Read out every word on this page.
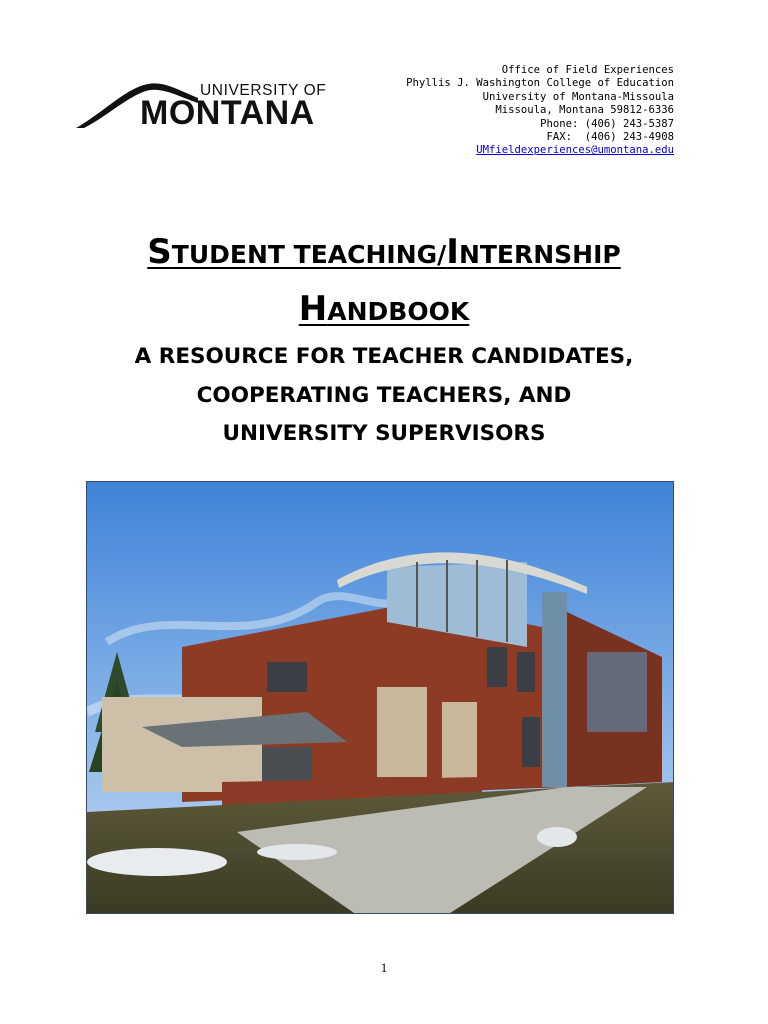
UNIVERSITY OF
MONTANA
Office of Field Experiences
Phyllis J. Washington College of Education
University of Montana-Missoula
Missoula, Montana 59812-6336
Phone: (406) 243-5387
FAX:  (406) 243-4908
UMfieldexperiences@umontana.edu
STUDENT TEACHING/INTERNSHIP
HANDBOOK
A RESOURCE FOR TEACHER CANDIDATES,
COOPERATING TEACHERS, AND
UNIVERSITY SUPERVISORS
1
